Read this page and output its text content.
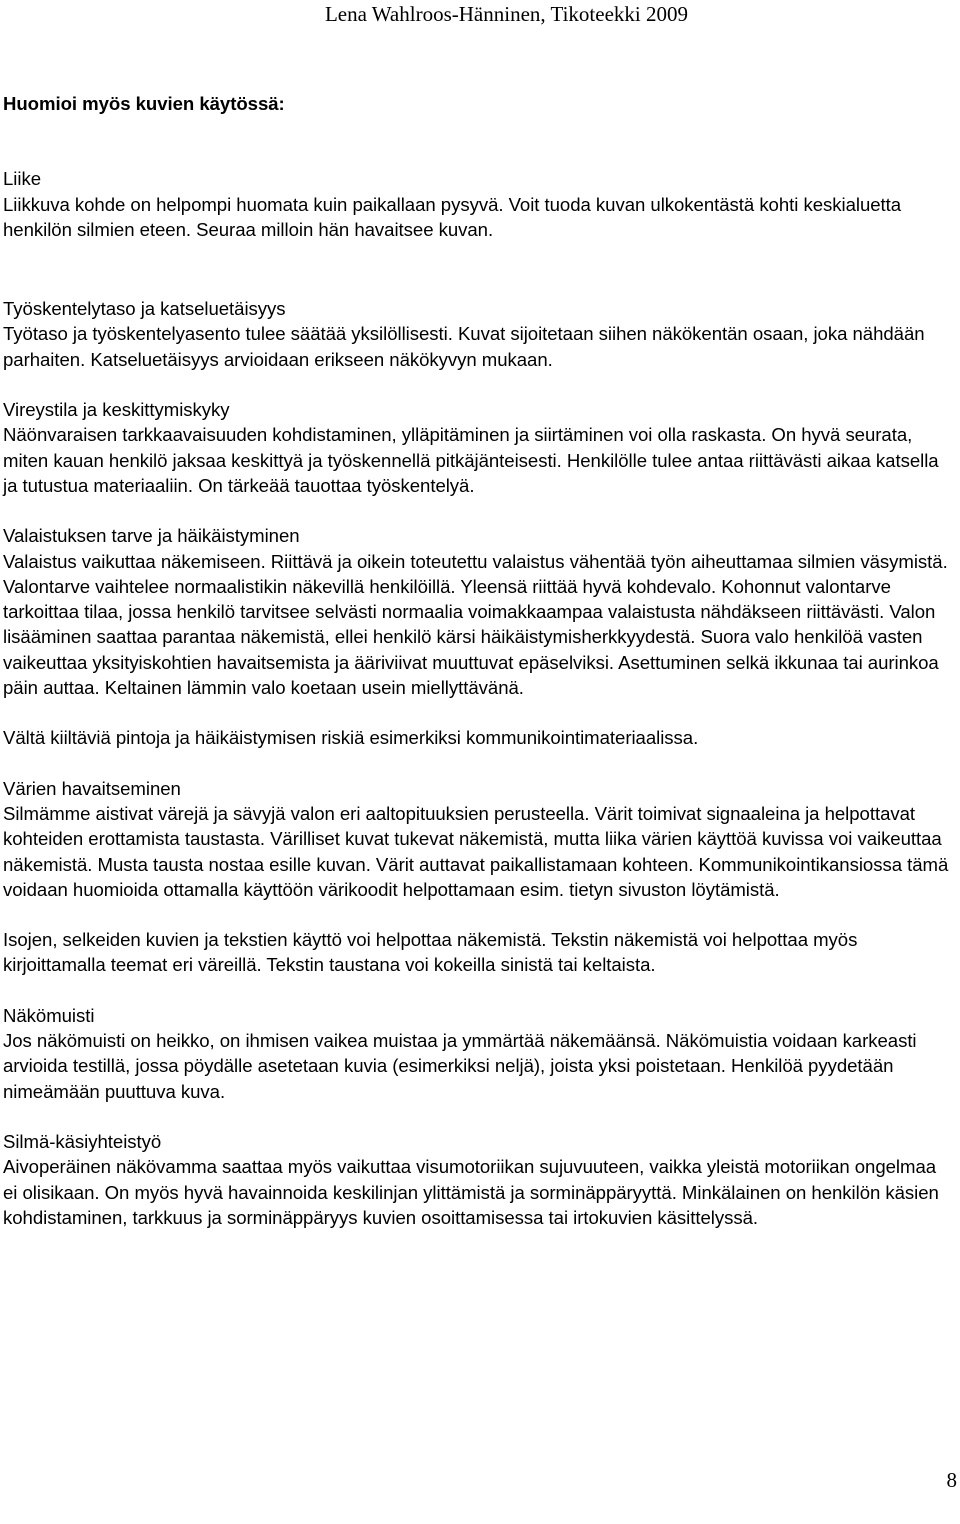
Lena Wahlroos-Hänninen, Tikoteekki 2009

Huomioi myös kuvien käytössä:

Liike

Liikkuva kohde on helpompi huomata kuin paikallaan pysyvä. Voit tuoda kuvan ulkokentästä kohti keskialuetta henkilön silmien eteen. Seuraa milloin hän havaitsee kuvan.

Työskentelytaso ja katseluetäisyys

Työtaso ja työskentelyasento tulee säätää yksilöllisesti. Kuvat sijoitetaan siihen näkökentän osaan, joka nähdään parhaiten. Katseluetäisyys arvioidaan erikseen näkökyvyn mukaan.

Vireystila ja keskittymiskyky

Näönvaraisen tarkkaavaisuuden kohdistaminen, ylläpitäminen ja siirtäminen voi olla raskasta. On hyvä seurata, miten kauan henkilö jaksaa keskittyä ja työskennellä pitkäjänteisesti. Henkilölle tulee antaa riittävästi aikaa katsella ja tutustua materiaaliin. On tärkeää tauottaa työskentelyä.

Valaistuksen tarve ja häikäistyminen

Valaistus vaikuttaa näkemiseen. Riittävä ja oikein toteutettu valaistus vähentää työn aiheuttamaa silmien väsymistä. Valontarve vaihtelee normaalistikin näkevillä henkilöillä. Yleensä riittää hyvä kohdevalo. Kohonnut valontarve tarkoittaa tilaa, jossa henkilö tarvitsee selvästi normaalia voimakkaampaa valaistusta nähdäkseen riittävästi. Valon lisääminen saattaa parantaa näkemistä, ellei henkilö kärsi häikäistymisherkkyydestä. Suora valo henkilöä vasten vaikeuttaa yksityiskohtien havaitsemista ja ääriviivat muuttuvat epäselviksi. Asettuminen selkä ikkunaa tai aurinkoa päin auttaa. Keltainen lämmin valo koetaan usein miellyttävänä.

Vältä kiiltäviä pintoja ja häikäistymisen riskiä esimerkiksi kommunikointimateriaalissa.

Värien havaitseminen

Silmämme aistivat värejä ja sävyjä valon eri aaltopituuksien perusteella. Värit toimivat signaaleina ja helpottavat kohteiden erottamista taustasta. Värilliset kuvat tukevat näkemistä, mutta liika värien käyttöä kuvissa voi vaikeuttaa näkemistä. Musta tausta nostaa esille kuvan. Värit auttavat paikallistamaan kohteen. Kommunikointikansiossa tämä voidaan huomioida ottamalla käyttöön värikoodit helpottamaan esim. tietyn sivuston löytämistä.

Isojen, selkeiden kuvien ja tekstien käyttö voi helpottaa näkemistä. Tekstin näkemistä voi helpottaa myös kirjoittamalla teemat eri väreillä. Tekstin taustana voi kokeilla sinistä tai keltaista.

Näkömuisti

Jos näkömuisti on heikko, on ihmisen vaikea muistaa ja ymmärtää näkemäänsä. Näkömuistia voidaan karkeasti arvioida testillä, jossa pöydälle asetetaan kuvia (esimerkiksi neljä), joista yksi poistetaan. Henkilöä pyydetään nimeämään puuttuva kuva.

Silmä-käsiyhteistyö

Aivoperäinen näkövamma saattaa myös vaikuttaa visumotoriikan sujuvuuteen, vaikka yleistä motoriikan ongelmaa ei olisikaan. On myös hyvä havainnoida keskilinjan ylittämistä ja sorminäppäryyttä. Minkälainen on henkilön käsien kohdistaminen, tarkkuus ja sorminäppäryys kuvien osoittamisessa tai irtokuvien käsittelyssä.

8
